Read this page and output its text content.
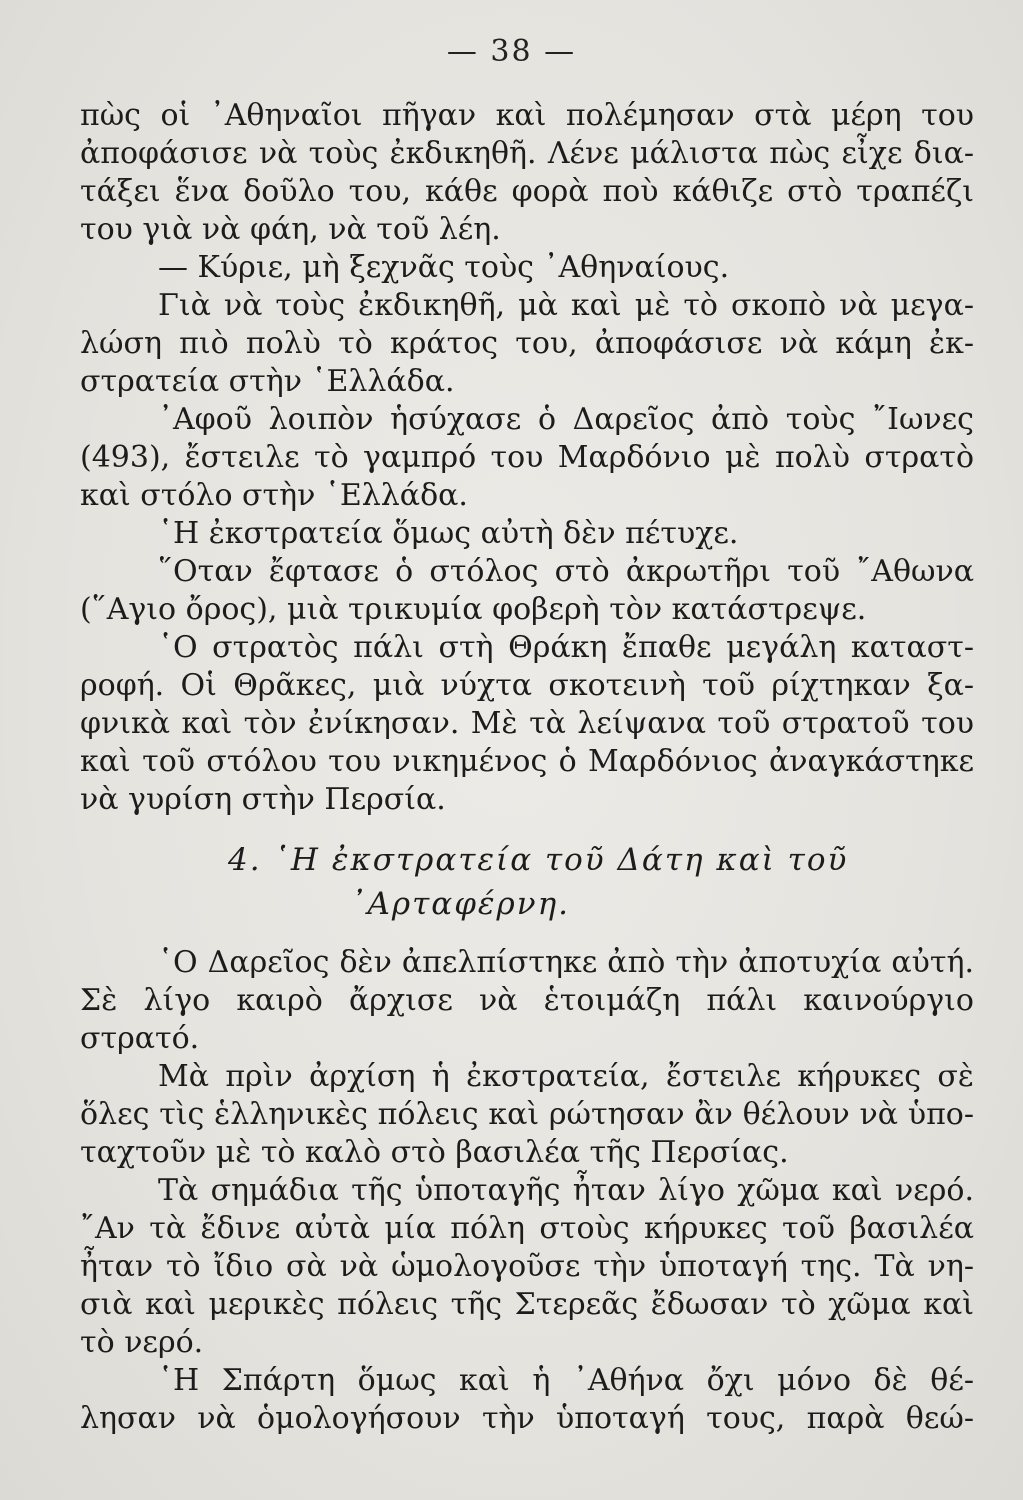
— 38 —
πὼς οἱ ᾿Αθηναῖοι πῆγαν καὶ πολέμησαν στὰ μέρη του
ἀποφάσισε νὰ τοὺς ἐκδικηθῆ. Λένε μάλιστα πὼς εἶχε δια-
τάξει ἕνα δοῦλο του, κάθε φορὰ ποὺ κάθιζε στὸ τραπέζι
του γιὰ νὰ φάη, νὰ τοῦ λέη.
— Κύριε, μὴ ξεχνᾶς τοὺς ᾿Αθηναίους.
Γιὰ νὰ τοὺς ἐκδικηθῆ, μὰ καὶ μὲ τὸ σκοπὸ νὰ μεγα-
λώση πιὸ πολὺ τὸ κράτος του, ἀποφάσισε νὰ κάμη ἐκ-
στρατεία στὴν ῾Ελλάδα.
᾿Αφοῦ λοιπὸν ἡσύχασε ὁ Δαρεῖος ἀπὸ τοὺς ῎Ιωνες
(493), ἔστειλε τὸ γαμπρό του Μαρδόνιο μὲ πολὺ στρατὸ
καὶ στόλο στὴν ῾Ελλάδα.
῾Η ἐκστρατεία ὅμως αὐτὴ δὲν πέτυχε.
῞Οταν ἔφτασε ὁ στόλος στὸ ἀκρωτῆρι τοῦ ῎Αθωνα
(῞Αγιο ὄρος), μιὰ τρικυμία φοβερὴ τὸν κατάστρεψε.
῾Ο στρατὸς πάλι στὴ Θράκη ἔπαθε μεγάλη καταστ-
ροφή. Οἱ Θρᾶκες, μιὰ νύχτα σκοτεινὴ τοῦ ρίχτηκαν ξα-
φνικὰ καὶ τὸν ἐνίκησαν. Μὲ τὰ λείψανα τοῦ στρατοῦ του
καὶ τοῦ στόλου του νικημένος ὁ Μαρδόνιος ἀναγκάστηκε
νὰ γυρίση στὴν Περσία.
4. ῾Η ἐκστρατεία τοῦ Δάτη καὶ τοῦ
᾿Αρταφέρνη.
῾Ο Δαρεῖος δὲν ἀπελπίστηκε ἀπὸ τὴν ἀποτυχία αὐτή.
Σὲ λίγο καιρὸ ἄρχισε νὰ ἑτοιμάζη πάλι καινούργιο
στρατό.
Μὰ πρὶν ἀρχίση ἡ ἐκστρατεία, ἔστειλε κήρυκες σὲ
ὅλες τὶς ἑλληνικὲς πόλεις καὶ ρώτησαν ἂν θέλουν νὰ ὑπο-
ταχτοῦν μὲ τὸ καλὸ στὸ βασιλέα τῆς Περσίας.
Τὰ σημάδια τῆς ὑποταγῆς ἦταν λίγο χῶμα καὶ νερό.
῎Αν τὰ ἔδινε αὐτὰ μία πόλη στοὺς κήρυκες τοῦ βασιλέα
ἦταν τὸ ἴδιο σὰ νὰ ὡμολογοῦσε τὴν ὑποταγή της. Τὰ νη-
σιὰ καὶ μερικὲς πόλεις τῆς Στερεᾶς ἔδωσαν τὸ χῶμα καὶ
τὸ νερό.
῾Η Σπάρτη ὅμως καὶ ἡ ᾿Αθήνα ὄχι μόνο δὲ θέ-
λησαν νὰ ὁμολογήσουν τὴν ὑποταγή τους, παρὰ θεώ-
